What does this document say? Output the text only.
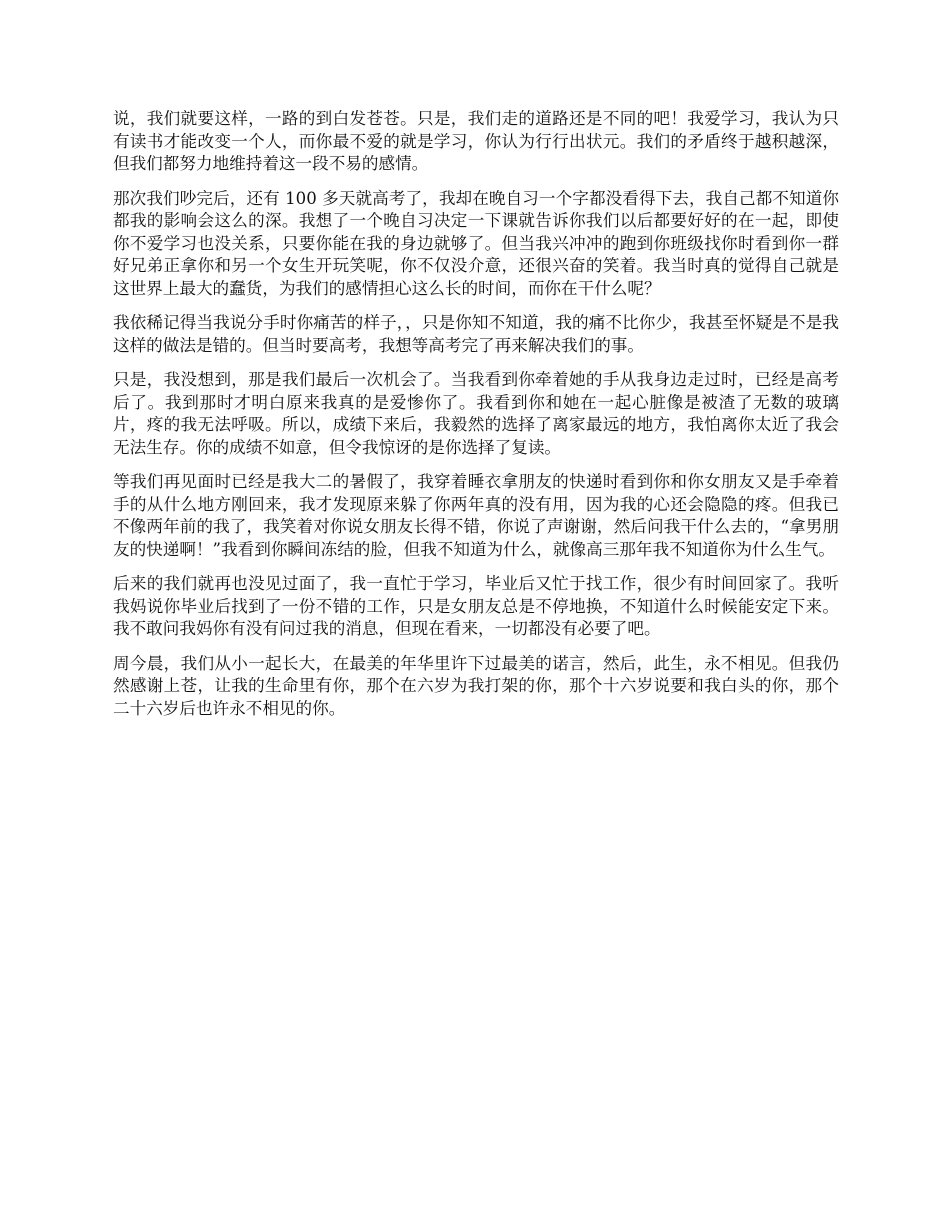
说，我们就要这样，一路的到白发苍苍。只是，我们走的道路还是不同的吧！我爱学习，我认为只有读书才能改变一个人，而你最不爱的就是学习，你认为行行出状元。我们的矛盾终于越积越深，但我们都努力地维持着这一段不易的感情。

那次我们吵完后，还有 100 多天就高考了，我却在晚自习一个字都没看得下去，我自己都不知道你都我的影响会这么的深。我想了一个晚自习决定一下课就告诉你我们以后都要好好的在一起，即使你不爱学习也没关系，只要你能在我的身边就够了。但当我兴冲冲的跑到你班级找你时看到你一群好兄弟正拿你和另一个女生开玩笑呢，你不仅没介意，还很兴奋的笑着。我当时真的觉得自己就是这世界上最大的蠢货，为我们的感情担心这么长的时间，而你在干什么呢？

我依稀记得当我说分手时你痛苦的样子，，只是你知不知道，我的痛不比你少，我甚至怀疑是不是我这样的做法是错的。但当时要高考，我想等高考完了再来解决我们的事。

只是，我没想到，那是我们最后一次机会了。当我看到你牵着她的手从我身边走过时，已经是高考后了。我到那时才明白原来我真的是爱惨你了。我看到你和她在一起心脏像是被渣了无数的玻璃片，疼的我无法呼吸。所以，成绩下来后，我毅然的选择了离家最远的地方，我怕离你太近了我会无法生存。你的成绩不如意，但令我惊讶的是你选择了复读。

等我们再见面时已经是我大二的暑假了，我穿着睡衣拿朋友的快递时看到你和你女朋友又是手牵着手的从什么地方刚回来，我才发现原来躲了你两年真的没有用，因为我的心还会隐隐的疼。但我已不像两年前的我了，我笑着对你说女朋友长得不错，你说了声谢谢，然后问我干什么去的，“拿男朋友的快递啊！”我看到你瞬间冻结的脸，但我不知道为什么，就像高三那年我不知道你为什么生气。

后来的我们就再也没见过面了，我一直忙于学习，毕业后又忙于找工作，很少有时间回家了。我听我妈说你毕业后找到了一份不错的工作，只是女朋友总是不停地换，不知道什么时候能安定下来。我不敢问我妈你有没有问过我的消息，但现在看来，一切都没有必要了吧。

周今晨，我们从小一起长大，在最美的年华里许下过最美的诺言，然后，此生，永不相见。但我仍然感谢上苍，让我的生命里有你，那个在六岁为我打架的你，那个十六岁说要和我白头的你，那个二十六岁后也许永不相见的你。
